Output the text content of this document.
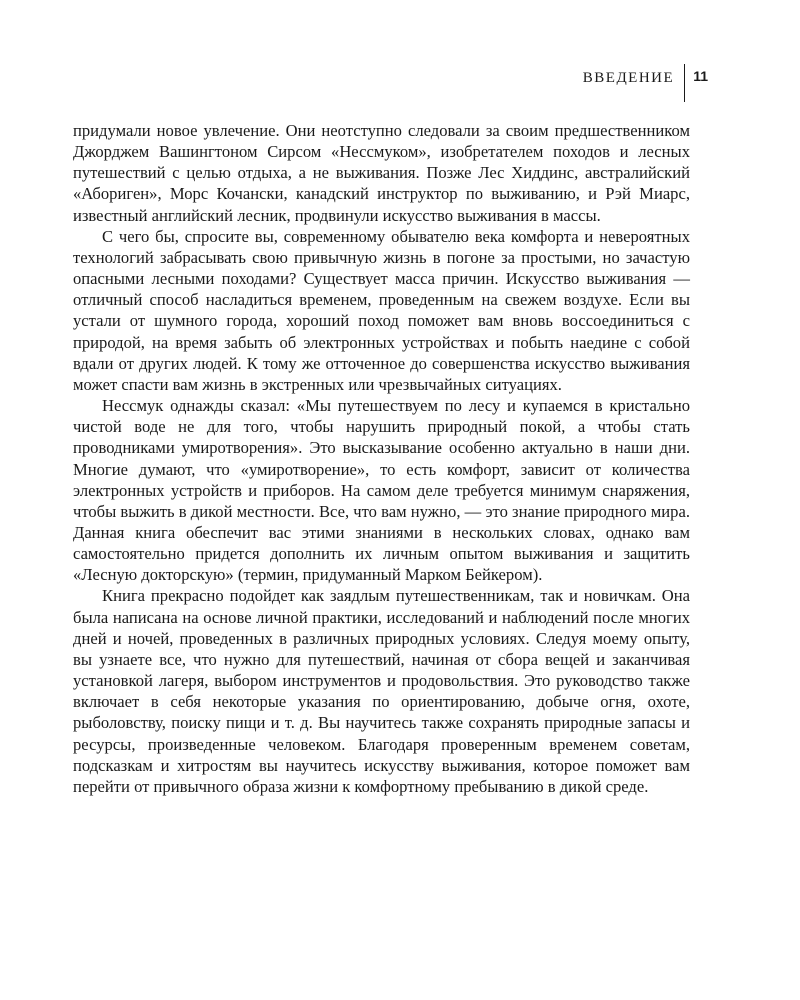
ВВЕДЕНИЕ	11

придумали новое увлечение. Они неотступно следовали за своим предшественником Джорджем Вашингтоном Сирсом «Нессмуком», изобретателем походов и лесных путешествий с целью отдыха, а не выживания. Позже Лес Хиддинс, австралийский «Абориген», Морс Кочански, канадский инструктор по выживанию, и Рэй Миарс, известный английский лесник, продвинули искусство выживания в массы.

С чего бы, спросите вы, современному обывателю века комфорта и невероятных технологий забрасывать свою привычную жизнь в погоне за простыми, но зачастую опасными лесными походами? Существует масса причин. Искусство выживания — отличный способ насладиться временем, проведенным на свежем воздухе. Если вы устали от шумного города, хороший поход поможет вам вновь воссоединиться с природой, на время забыть об электронных устройствах и побыть наедине с собой вдали от других людей. К тому же отточенное до совершенства искусство выживания может спасти вам жизнь в экстренных или чрезвычайных ситуациях.

Нессмук однажды сказал: «Мы путешествуем по лесу и купаемся в кристально чистой воде не для того, чтобы нарушить природный покой, а чтобы стать проводниками умиротворения». Это высказывание особенно актуально в наши дни. Многие думают, что «умиротворение», то есть комфорт, зависит от количества электронных устройств и приборов. На самом деле требуется минимум снаряжения, чтобы выжить в дикой местности. Все, что вам нужно, — это знание природного мира. Данная книга обеспечит вас этими знаниями в нескольких словах, однако вам самостоятельно придется дополнить их личным опытом выживания и защитить «Лесную докторскую» (термин, придуманный Марком Бейкером).

Книга прекрасно подойдет как заядлым путешественникам, так и новичкам. Она была написана на основе личной практики, исследований и наблюдений после многих дней и ночей, проведенных в различных природных условиях. Следуя моему опыту, вы узнаете все, что нужно для путешествий, начиная от сбора вещей и заканчивая установкой лагеря, выбором инструментов и продовольствия. Это руководство также включает в себя некоторые указания по ориентированию, добыче огня, охоте, рыболовству, поиску пищи и т. д. Вы научитесь также сохранять природные запасы и ресурсы, произведенные человеком. Благодаря проверенным временем советам, подсказкам и хитростям вы научитесь искусству выживания, которое поможет вам перейти от привычного образа жизни к комфортному пребыванию в дикой среде.
